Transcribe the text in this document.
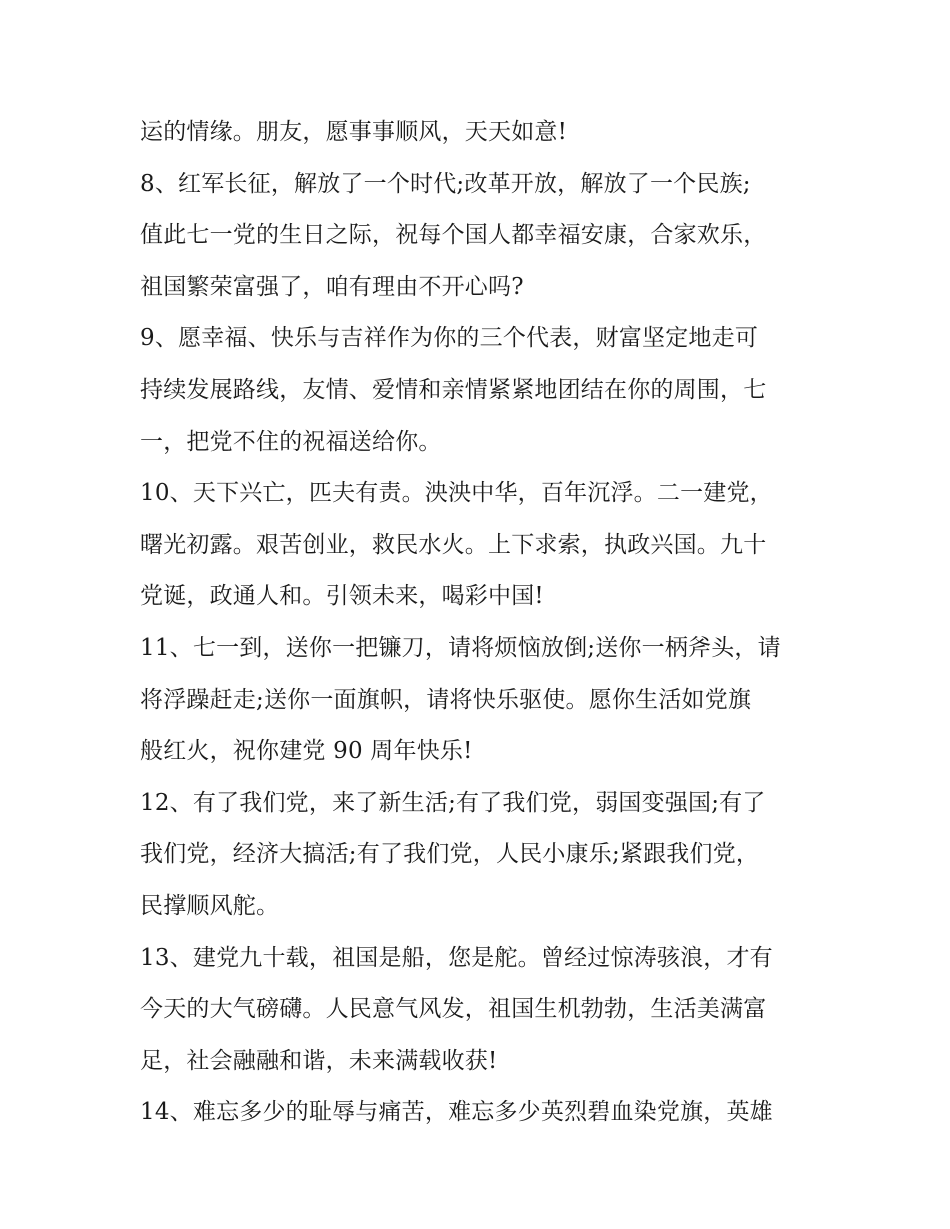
运的情缘。朋友，愿事事顺风，天天如意!
8、红军长征，解放了一个时代;改革开放，解放了一个民族;
值此七一党的生日之际，祝每个国人都幸福安康，合家欢乐，
祖国繁荣富强了，咱有理由不开心吗?
9、愿幸福、快乐与吉祥作为你的三个代表，财富坚定地走可
持续发展路线，友情、爱情和亲情紧紧地团结在你的周围，七
一，把党不住的祝福送给你。
10、天下兴亡，匹夫有责。泱泱中华，百年沉浮。二一建党，
曙光初露。艰苦创业，救民水火。上下求索，执政兴国。九十
党诞，政通人和。引领未来，喝彩中国!
11、七一到，送你一把镰刀，请将烦恼放倒;送你一柄斧头，请
将浮躁赶走;送你一面旗帜，请将快乐驱使。愿你生活如党旗
般红火，祝你建党 90 周年快乐!
12、有了我们党，来了新生活;有了我们党，弱国变强国;有了
我们党，经济大搞活;有了我们党，人民小康乐;紧跟我们党，
民撑顺风舵。
13、建党九十载，祖国是船，您是舵。曾经过惊涛骇浪，才有
今天的大气磅礴。人民意气风发，祖国生机勃勃，生活美满富
足，社会融融和谐，未来满载收获!
14、难忘多少的耻辱与痛苦，难忘多少英烈碧血染党旗，英雄
